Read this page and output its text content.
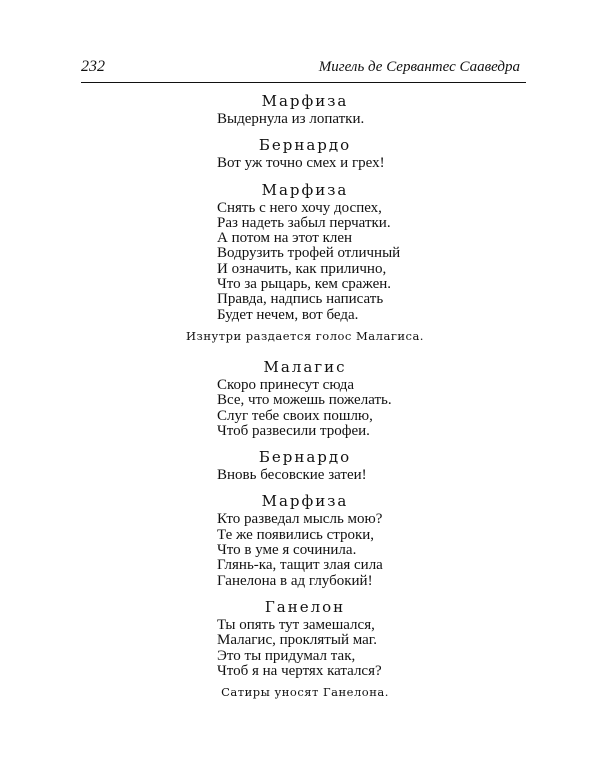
232	Мигель де Сервантес Сааведра
Марфиза
Выдернула из лопатки.
Бернардо
Вот уж точно смех и грех!
Марфиза
Снять с него хочу доспех,
Раз надеть забыл перчатки.
А потом на этот клен
Водрузить трофей отличный
И означить, как прилично,
Что за рыцарь, кем сражен.
Правда, надпись написать
Будет нечем, вот беда.
Изнутри раздается голос Малагиса.
Малагис
Скоро принесут сюда
Все, что можешь пожелать.
Слуг тебе своих пошлю,
Чтоб развесили трофеи.
Бернардо
Вновь бесовские затеи!
Марфиза
Кто разведал мысль мою?
Те же появились строки,
Что в уме я сочинила.
Глянь-ка, тащит злая сила
Ганелона в ад глубокий!
Ганелон
Ты опять тут замешался,
Малагис, проклятый маг.
Это ты придумал так,
Чтоб я на чертях катался?
Сатиры уносят Ганелона.
